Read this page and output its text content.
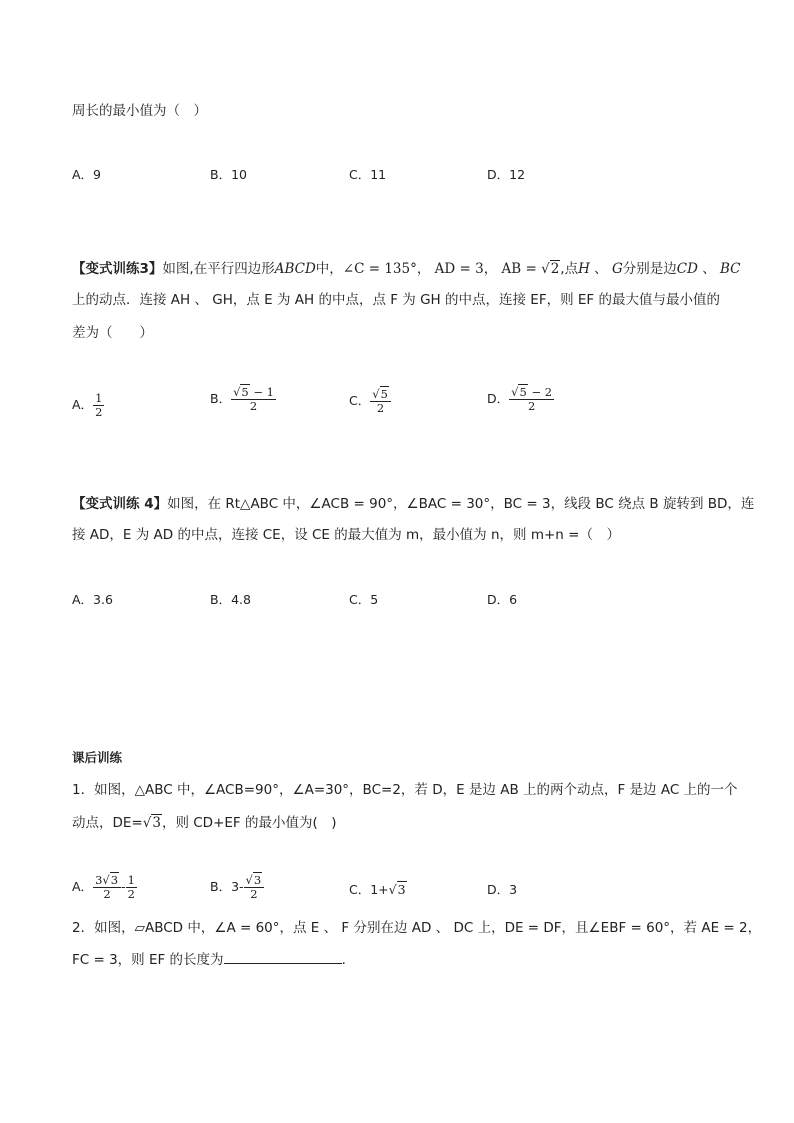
周长的最小值为（　）
A．9	B．10	C．11	D．12
【变式训练3】如图,在平行四边形ABCD中，∠C = 135°， AD = 3， AB = √2,点H 、 G分别是边CD 、 BC
上的动点．连接 AH 、 GH，点 E 为 AH 的中点，点 F 为 GH 的中点，连接 EF，则 EF 的最大值与最小值的
差为（　　）
A． $\frac{1}{2}$	B． $\frac{√5 - 1}{2}$	C． $\frac{√5}{2}$	D． $\frac{√5 - 2}{2}$
【变式训练 4】如图，在 Rt△ABC 中，∠ACB = 90°，∠BAC = 30°，BC = 3，线段 BC 绕点 B 旋转到 BD，连
接 AD，E 为 AD 的中点，连接 CE，设 CE 的最大值为 m，最小值为 n，则 m+n =（　）
A．3.6	B．4.8	C．5	D．6
课后训练
1．如图，△ABC 中，∠ACB=90°，∠A=30°，BC=2，若 D，E 是边 AB 上的两个动点，F 是边 AC 上的一个
动点，DE=√3，则 CD+EF 的最小值为(　)
A． $\frac{3√3}{2} - \frac{1}{2}$	B．$3- \frac{√3}{2}$	C．1+√3	D．3
2．如图，▱ABCD 中，∠A = 60°，点 E 、 F 分别在边 AD 、 DC 上，DE = DF，且∠EBF = 60°，若 AE = 2，
FC = 3，则 EF 的长度为	．
